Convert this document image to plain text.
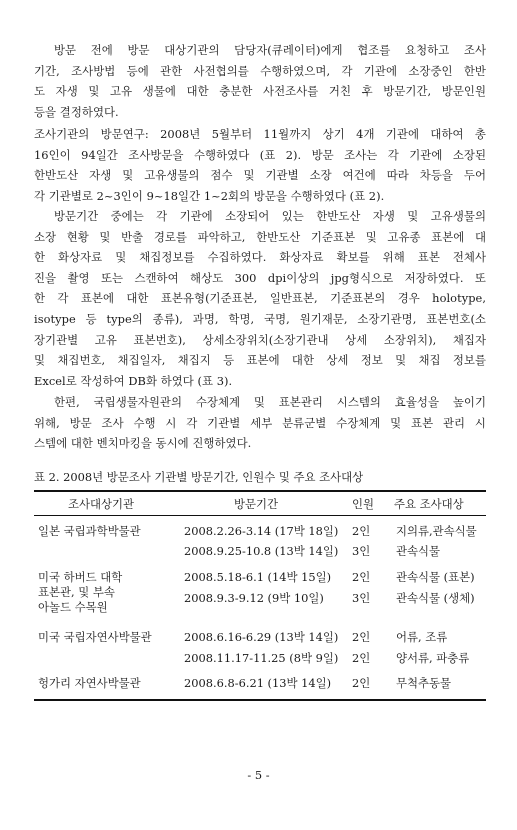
방문 전에 방문 대상기관의 담당자(큐레이터)에게 협조를 요청하고 조사
기간, 조사방법 등에 관한 사전협의를 수행하였으며, 각 기관에 소장중인 한반
도 자생 및 고유 생물에 대한 충분한 사전조사를 거친 후 방문기간, 방문인원
등을 결정하였다.
조사기관의 방문연구: 2008년 5월부터 11월까지 상기 4개 기관에 대하여 총
16인이 94일간 조사방문을 수행하였다 (표 2). 방문 조사는 각 기관에 소장된
한반도산 자생 및 고유생물의 점수 및 기관별 소장 여건에 따라 차등을 두어
각 기관별로 2~3인이 9~18일간 1~2회의 방문을 수행하였다 (표 2).
방문기간 중에는 각 기관에 소장되어 있는 한반도산 자생 및 고유생물의
소장 현황 및 반출 경로를 파악하고, 한반도산 기준표본 및 고유종 표본에 대
한 화상자료 및 채집정보를 수집하였다. 화상자료 확보를 위해 표본 전체사
진을 촬영 또는 스캔하여 해상도 300 dpi이상의 jpg형식으로 저장하였다. 또
한 각 표본에 대한 표본유형(기준표본, 일반표본, 기준표본의 경우 holotype,
isotype 등 type의 종류), 과명, 학명, 국명, 원기재문, 소장기관명, 표본번호(소
장기관별 고유 표본번호), 상세소장위치(소장기관내 상세 소장위치), 채집자
및 채집번호, 채집일자, 채집지 등 표본에 대한 상세 정보 및 채집 정보를
Excel로 작성하여 DB화 하였다 (표 3).
한편, 국립생물자원관의 수장체계 및 표본관리 시스템의 효율성을 높이기
위해, 방문 조사 수행 시 각 기관별 세부 분류군별 수장체계 및 표본 관리 시
스템에 대한 벤치마킹을 동시에 진행하였다.
표 2. 2008년 방문조사 기관별 방문기간, 인원수 및 주요 조사대상
조사대상기관	방문기간	인원 주요 조사대상
일본 국립과학박물관	2008.2.26-3.14 (17박 18일) 2인 지의류,관속식물
2008.9.25-10.8 (13박 14일) 3인 관속식물
미국 하버드 대학
표본관, 및 부속
아놀드 수목원
2008.5.18-6.1 (14박 15일) 2인 관속식물 (표본)
2008.9.3-9.12 (9박 10일) 3인 관속식물 (생체)
미국 국립자연사박물관	2008.6.16-6.29 (13박 14일) 2인 어류, 조류
2008.11.17-11.25 (8박 9일) 2인 양서류, 파충류
헝가리 자연사박물관	2008.6.8-6.21 (13박 14일) 2인 무척추동물
- 5 -
